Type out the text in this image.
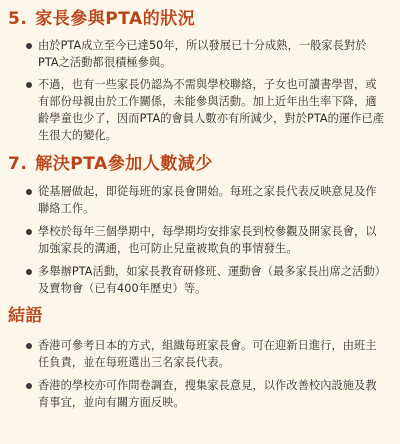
5. 家長參與PTA的狀況
由於PTA成立至今已達50年，所以發展已十分成熟，一般家長對於PTA之活動都很積極參與。
不過，也有一些家長仍認為不需與學校聯絡，子女也可讀書學習，或有部份母親由於工作關係，未能參與活動。加上近年出生率下降，適齡學童也少了，因而PTA的會員人數亦有所減少，對於PTA的運作已產生很大的變化。
7. 解決PTA參加人數減少
從基層做起，即從每班的家長會開始。每班之家長代表反映意見及作聯絡工作。
學校於每年三個學期中，每學期均安排家長到校參觀及開家長會，以加強家長的溝通，也可防止兒童被欺負的事情發生。
多舉辦PTA活動，如家長教育研修班、運動會（最多家長出席之活動）及賣物會（已有400年歷史）等。
結語
香港可參考日本的方式，組織每班家長會。可在迎新日進行，由班主任負責，並在每班選出三名家長代表。
香港的學校亦可作問卷調查，搜集家長意見，以作改善校內設施及教育事宜，並向有關方面反映。
